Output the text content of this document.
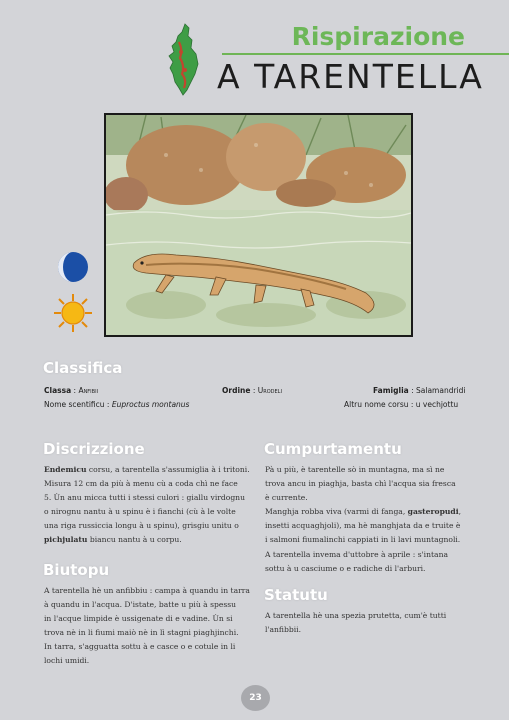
Rispirazione
A TARENTELLA
Classifica
Classa : Anfibii	Ordine : Urodeli	Famiglia : Salamandridi
Nome scentificu : Euproctus montanus	Altru nome corsu : u vechjottu
Discrizzione
Endemicu corsu, a tarentella s'assumiglia à i tritoni.
Misura 12 cm da più à menu cù a coda chì ne face
5. Ùn anu micca tutti i stessi culori : giallu virdognu
o nirognu nantu à u spinu è i fianchi (cù à le volte
una riga russiccia longu à u spinu), grisgiu unitu o
pichjulatu biancu nantu à u corpu.
Biutopu
A tarentella hè un anfibbiu : campa à quandu in tarra
à quandu in l'acqua. D'istate, batte u più à spessu
in l'acque limpide è ussigenate di e vadine. Ùn si
trova nè in li fiumi maiò nè in lì stagni piaghjinchi.
In tarra, s'agguatta sottu à e casce o e cotule in li
lochi umidi.
Cumpurtamentu
Pà u più, è tarentelle sò in muntagna, ma sì ne
trova ancu in piaghja, basta chì l'acqua sia fresca
è currente.
Manghja robba viva (varmi di fanga, gasteropudi,
insetti acquaghjoli), ma hè manghjata da e truite è
i salmoni fiumalinchi cappiati in li lavi muntagnoli.
A tarentella invema d'uttobre à aprile : s'intana
sottu à u casciume o e radiche di l'arburi.
Statutu
A tarentella hè una spezia prutetta, cum'è tutti
l'anfibbii.
23
